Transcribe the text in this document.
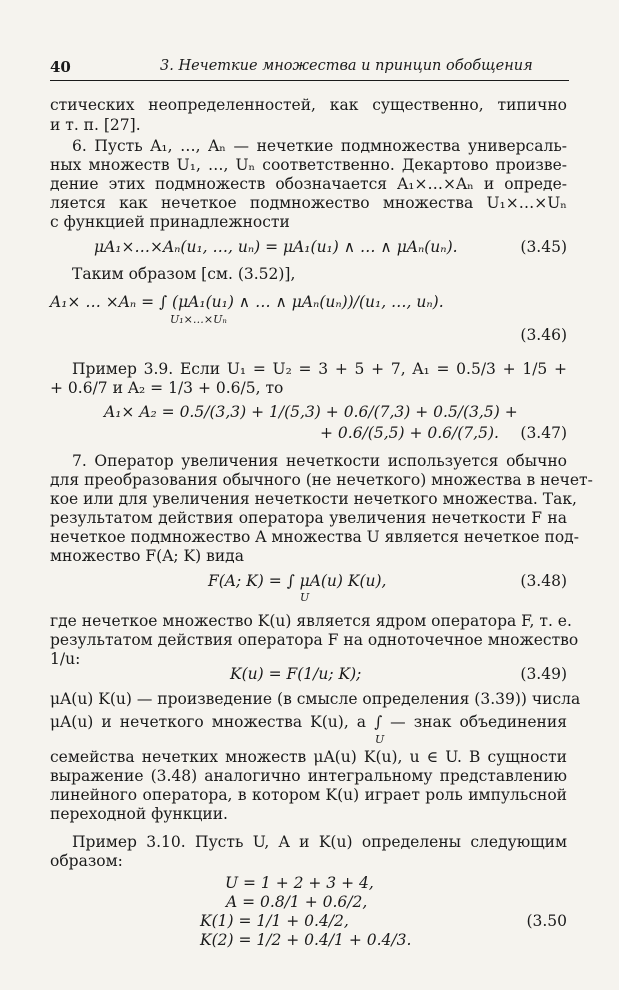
40	3. Нечеткие множества и принцип обобщения

стических неопределенностей, как существенно, типично

и т. п. [27].

6. Пусть A₁, …, Aₙ — нечеткие подмножества универсаль-

ных множеств U₁, …, Uₙ соответственно. Декартово произве-

дение этих подмножеств обозначается A₁×…×Aₙ и опреде-

ляется как нечеткое подмножество множества U₁×…×Uₙ

с функцией принадлежности

μA₁×…×Aₙ(u₁, …, uₙ) = μA₁(u₁) ∧ … ∧ μAₙ(uₙ).	(3.45)

Таким образом [см. (3.52)],

A₁× … ×Aₙ = ∫ (μA₁(u₁) ∧ … ∧ μAₙ(uₙ))/(u₁, …, uₙ).

U₁×…×Uₙ

(3.46)

Пример 3.9. Если U₁ = U₂ = 3 + 5 + 7, A₁ = 0.5/3 + 1/5 +

+ 0.6/7 и A₂ = 1/3 + 0.6/5, то

A₁× A₂ = 0.5/(3,3) + 1/(5,3) + 0.6/(7,3) + 0.5/(3,5) +

+ 0.6/(5,5) + 0.6/(7,5). (3.47)

7. Оператор увеличения нечеткости используется обычно

для преобразования обычного (не нечеткого) множества в нечет-

кое или для увеличения нечеткости нечеткого множества. Так,

результатом действия оператора увеличения нечеткости F на

нечеткое подмножество A множества U является нечеткое под-

множество F(A; K) вида

F(A; K) = ∫ μA(u) K(u),

U

(3.48)

где нечеткое множество K(u) является ядром оператора F, т. е.

результатом действия оператора F на одноточечное множество

1/u:

K(u) = F(1/u; K);	(3.49)

μA(u) K(u) — произведение (в смысле определения (3.39)) числа

μA(u) и нечеткого множества K(u), а ∫ — знак объединения

U

семейства нечетких множеств μA(u) K(u), u ∈ U. В сущности

выражение (3.48) аналогично интегральному представлению

линейного оператора, в котором K(u) играет роль импульсной

переходной функции.

Пример 3.10. Пусть U, A и K(u) определены следующим

образом:

U = 1 + 2 + 3 + 4,

A = 0.8/1 + 0.6/2,

K(1) = 1/1 + 0.4/2,	(3.50

K(2) = 1/2 + 0.4/1 + 0.4/3.
